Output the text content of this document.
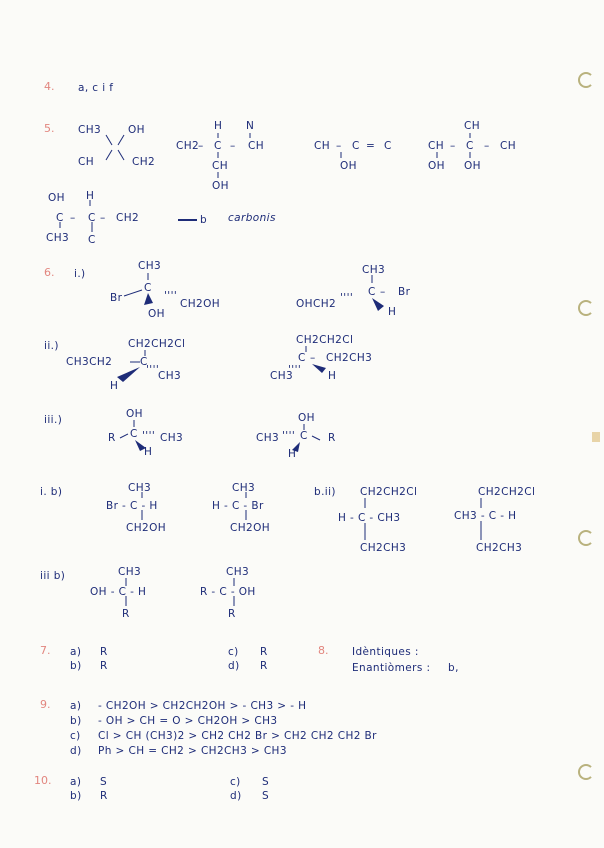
4. a, c i f
5. CH3	OH
CH	CH2
H N
CH2
– C – CH
CH
OH
CH – C = C
OH
CH
CH – C – CH
OH OH
OH H
C – C – CH2
CH3 C
b carbonis
6. i.)
CH3
C
Br	''''
CH2OH
OH
CH3
OHCH2 '''' C – Br
H
ii.)	CH2CH2Cl
CH3CH2	C
''''
CH3
H
CH2CH2Cl
C – CH2CH3
CH3
''''	H
iii.)	OH
R C '''' CH3
H
OH
CH3 '''' C R
H
i. b)	CH3
Br - C - H
CH2OH
CH3
H - C - Br
CH2OH
b.ii) CH2CH2Cl
H - C - CH3
CH2CH3
CH2CH2Cl
CH3 - C - H
CH2CH3
iii b)	CH3
OH - C - H
R
CH3
R - C - OH
R
7. a) R
b) R
c) R
d) R
8. Idèntiques :
Enantiòmers : b,
9. a) - CH2OH > CH2CH2OH > - CH3 > - H
b) - OH > CH = O > CH2OH > CH3
c) Cl > CH (CH3)2 > CH2 CH2 Br > CH2 CH2 CH2 Br
d) Ph > CH = CH2 > CH2CH3 > CH3
10. a) S
b) R
c) S
d) S
